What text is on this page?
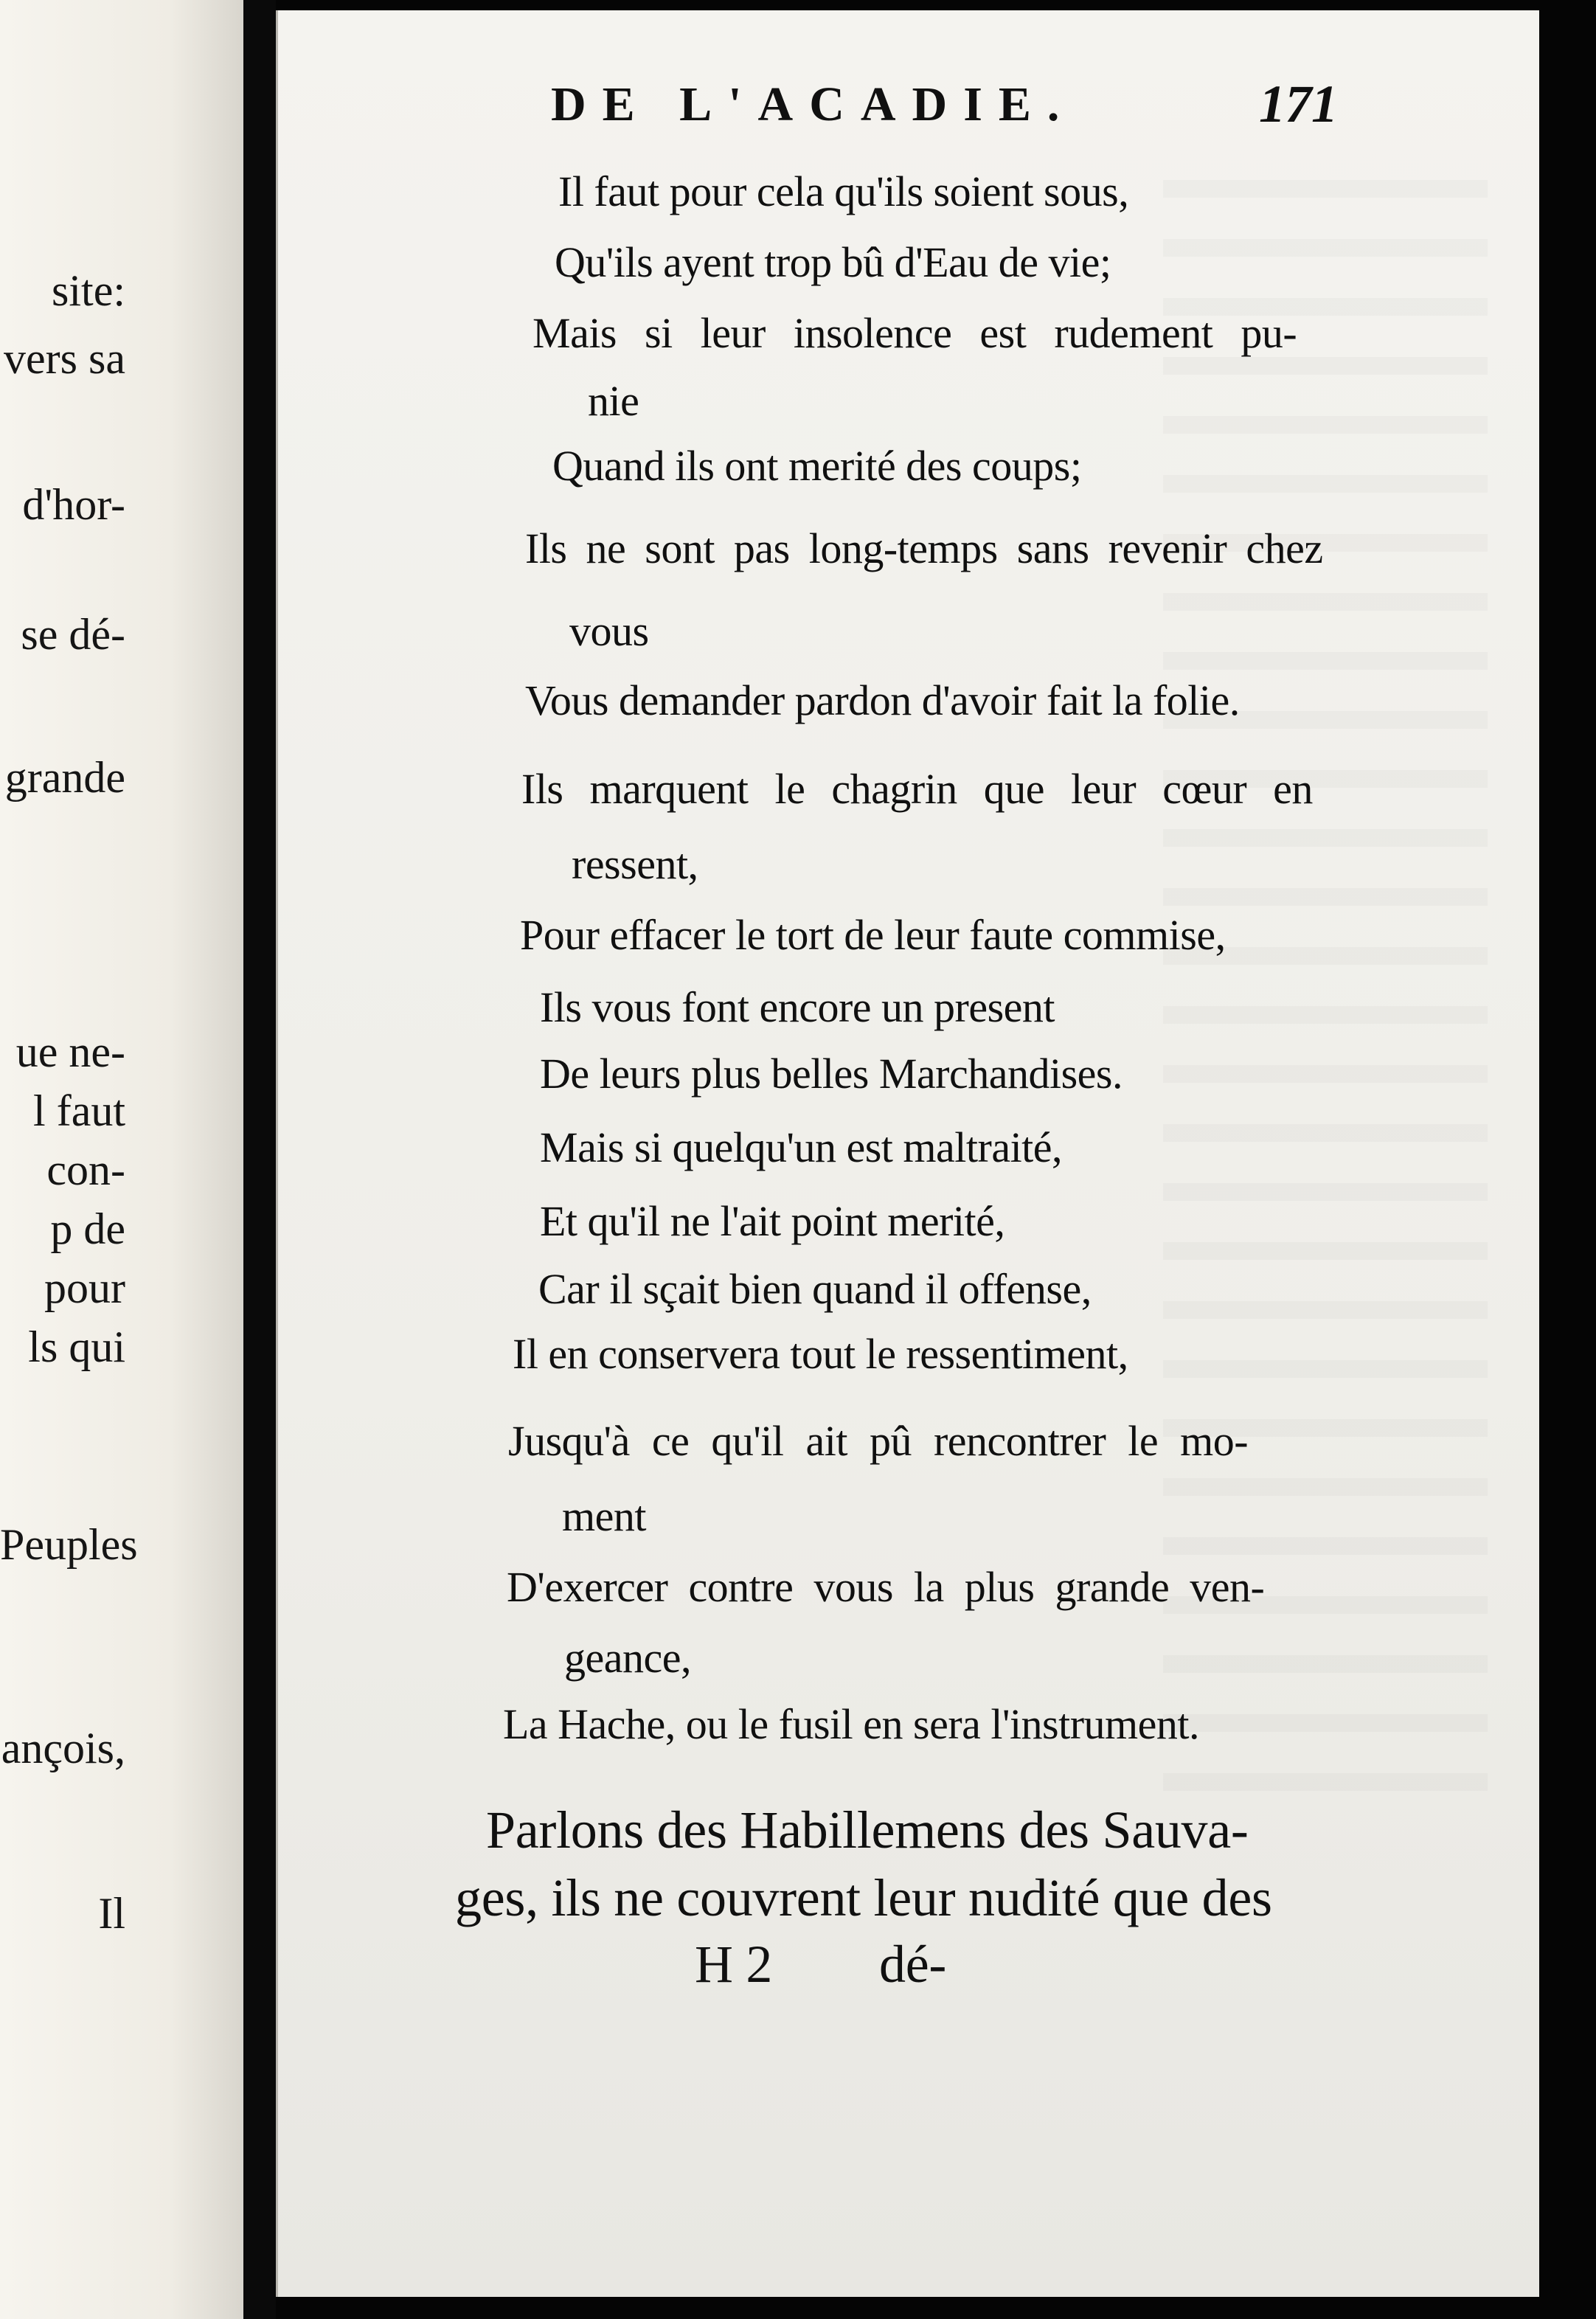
site:
vers sa
d'hor-
se dé-
grande
ue ne-
l faut
con-
p de
pour
ls qui
Peuples
ançois,
Il
DE L'ACADIE.	171
Il faut pour cela qu'ils soient sous,
Qu'ils ayent trop bû d'Eau de vie;
Mais si leur insolence est rudement pu-
nie
Quand ils ont merité des coups;
Ils ne sont pas long-temps sans revenir chez
vous
Vous demander pardon d'avoir fait la folie.
Ils marquent le chagrin que leur cœur en
ressent,
Pour effacer le tort de leur faute commise,
Ils vous font encore un present
De leurs plus belles Marchandises.
Mais si quelqu'un est maltraité,
Et qu'il ne l'ait point merité,
Car il sçait bien quand il offense,
Il en conservera tout le ressentiment,
Jusqu'à ce qu'il ait pû rencontrer le mo-
ment
D'exercer contre vous la plus grande ven-
geance,
La Hache, ou le fusil en sera l'instrument.
Parlons des Habillemens des Sauva-
ges, ils ne couvrent leur nudité que des
H 2 dé-
